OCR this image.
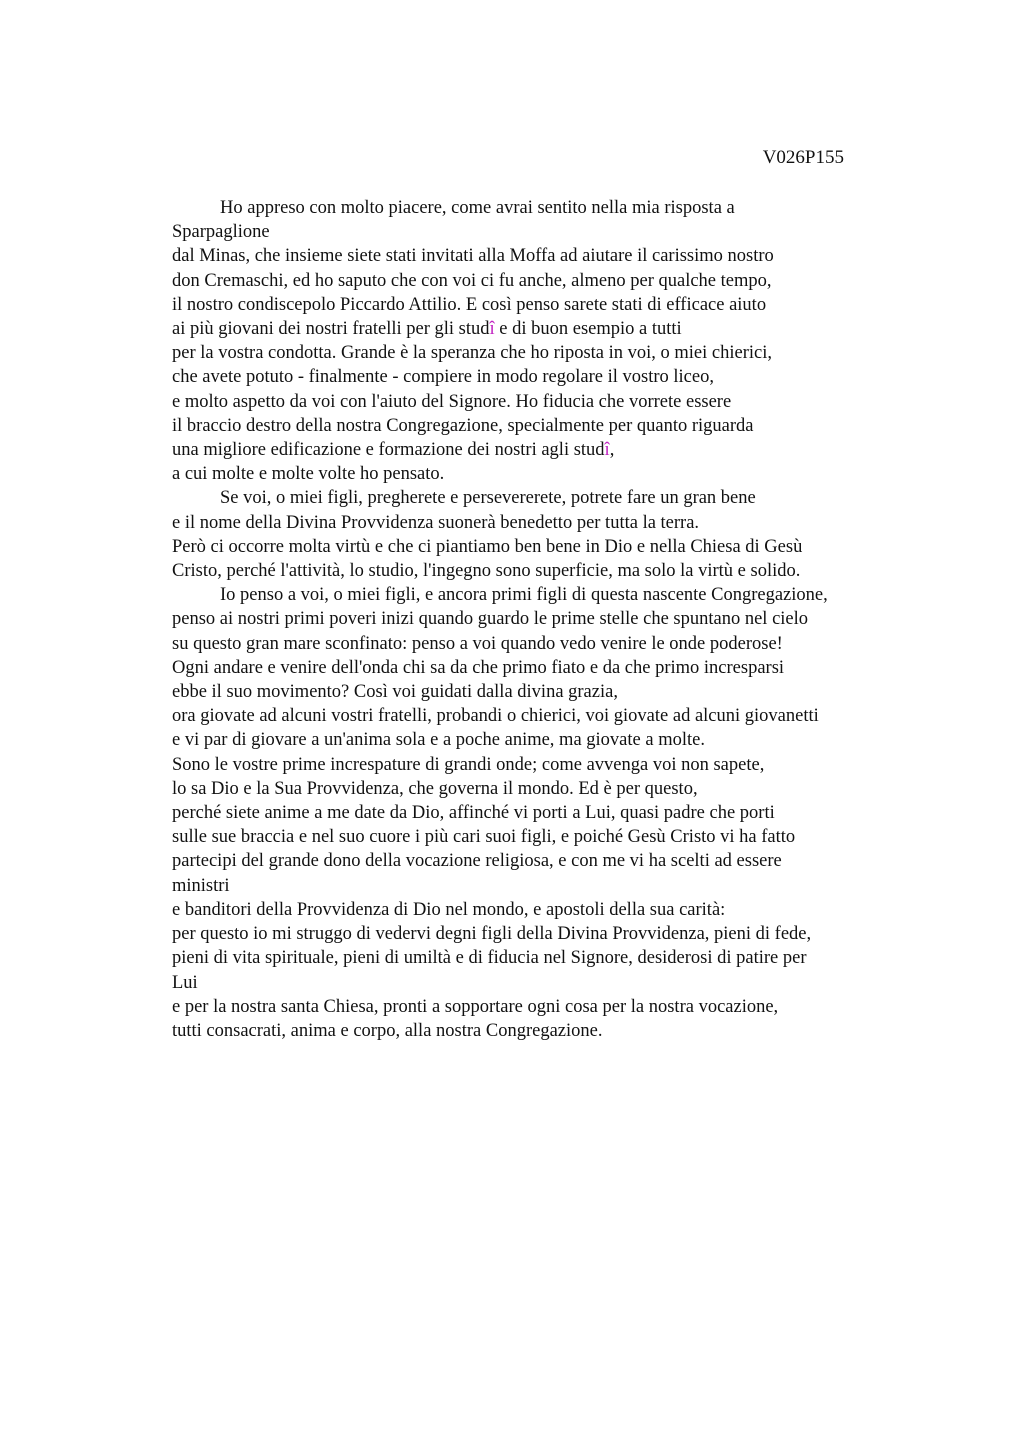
V026P155
Ho appreso con molto piacere, come avrai sentito nella mia risposta a
Sparpaglione
dal Minas, che insieme siete stati invitati alla Moffa ad aiutare il carissimo nostro
don Cremaschi, ed ho saputo che con voi ci fu anche, almeno per qualche tempo,
il nostro condiscepolo Piccardo Attilio. E così penso sarete stati di efficace aiuto
ai più giovani dei nostri fratelli per gli studî e di buon esempio a tutti
per la vostra condotta. Grande è la speranza che ho riposta in voi, o miei chierici,
che avete potuto - finalmente - compiere in modo regolare il vostro liceo,
e molto aspetto da voi con l'aiuto del Signore. Ho fiducia che vorrete essere
il braccio destro della nostra Congregazione, specialmente per quanto riguarda
una migliore edificazione e formazione dei nostri agli studî,
a cui molte e molte volte ho pensato.
Se voi, o miei figli, pregherete e persevererete, potrete fare un gran bene
e il nome della Divina Provvidenza suonerà benedetto per tutta la terra.
Però ci occorre molta virtù e che ci piantiamo ben bene in Dio e nella Chiesa di Gesù
Cristo, perché l'attività, lo studio, l'ingegno sono superficie, ma solo la virtù e solido.
Io penso a voi, o miei figli, e ancora primi figli di questa nascente Congregazione,
penso ai nostri primi poveri inizi quando guardo le prime stelle che spuntano nel cielo
su questo gran mare sconfinato: penso a voi quando vedo venire le onde poderose!
Ogni andare e venire dell'onda chi sa da che primo fiato e da che primo incresparsi
ebbe il suo movimento? Così voi guidati dalla divina grazia,
ora giovate ad alcuni vostri fratelli, probandi o chierici, voi giovate ad alcuni giovanetti
e vi par di giovare a un'anima sola e a poche anime, ma giovate a molte.
Sono le vostre prime increspature di grandi onde; come avvenga voi non sapete,
lo sa Dio e la Sua Provvidenza, che governa il mondo. Ed è per questo,
perché siete anime a me date da Dio, affinché vi porti a Lui, quasi padre che porti
sulle sue braccia e nel suo cuore i più cari suoi figli, e poiché Gesù Cristo vi ha fatto
partecipi del grande dono della vocazione religiosa, e con me vi ha scelti ad essere
ministri
e banditori della Provvidenza di Dio nel mondo, e apostoli della sua carità:
per questo io mi struggo di vedervi degni figli della Divina Provvidenza, pieni di fede,
pieni di vita spirituale, pieni di umiltà e di fiducia nel Signore, desiderosi di patire per
Lui
e per la nostra santa Chiesa, pronti a sopportare ogni cosa per la nostra vocazione,
tutti consacrati, anima e corpo, alla nostra Congregazione.
